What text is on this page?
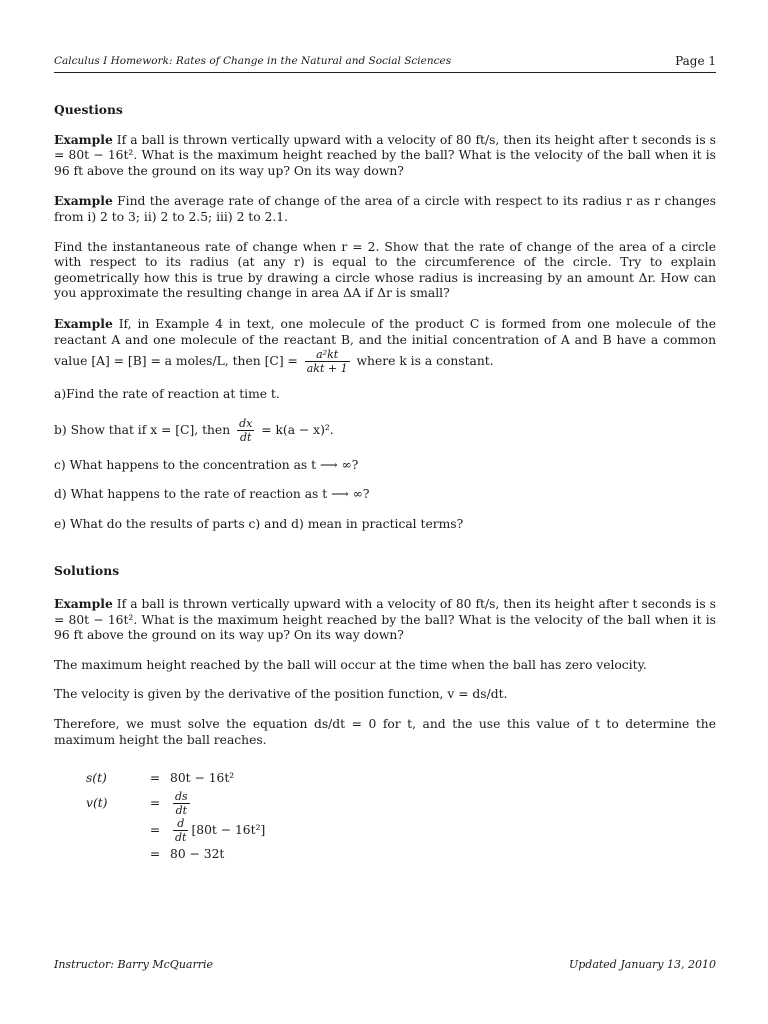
Calculus I Homework: Rates of Change in the Natural and Social Sciences	Page 1
Questions

Example If a ball is thrown vertically upward with a velocity of 80 ft/s, then its height after t seconds is s = 80t − 16t². What is the maximum height reached by the ball? What is the velocity of the ball when it is 96 ft above the ground on its way up? On its way down?

Example Find the average rate of change of the area of a circle with respect to its radius r as r changes from i) 2 to 3; ii) 2 to 2.5; iii) 2 to 2.1.

Find the instantaneous rate of change when r = 2. Show that the rate of change of the area of a circle with respect to its radius (at any r) is equal to the circumference of the circle. Try to explain geometrically how this is true by drawing a circle whose radius is increasing by an amount Δr. How can you approximate the resulting change in area ΔA if Δr is small?

Example If, in Example 4 in text, one molecule of the product C is formed from one molecule of the reactant A and one molecule of the reactant B, and the initial concentration of A and B have a common value [A] = [B] = a moles/L, then $[C] = \frac{\text{a²kt}}{\text{akt + 1}}$ where k is a constant.

a)Find the rate of reaction at time t.

b) Show that if x = [C], then $\frac{dx}{dt} = k(a - x)^2$.

c) What happens to the concentration as t ⟶ ∞?

d) What happens to the rate of reaction as t ⟶ ∞?

e) What do the results of parts c) and d) mean in practical terms?

Solutions

Example If a ball is thrown vertically upward with a velocity of 80 ft/s, then its height after t seconds is s = 80t − 16t². What is the maximum height reached by the ball? What is the velocity of the ball when it is 96 ft above the ground on its way up? On its way down?

The maximum height reached by the ball will occur at the time when the ball has zero velocity.

The velocity is given by the derivative of the position function, v = ds/dt.

Therefore, we must solve the equation ds/dt = 0 for t, and the use this value of t to determine the maximum height the ball reaches.

s(t)	= 80t − 16t²
v(t)	=	$\frac{ds}{dt}$
=	$\frac{d}{dt} [80t - 16t^2]$
= 80 − 32t
Instructor: Barry McQuarrie	Updated January 13, 2010
